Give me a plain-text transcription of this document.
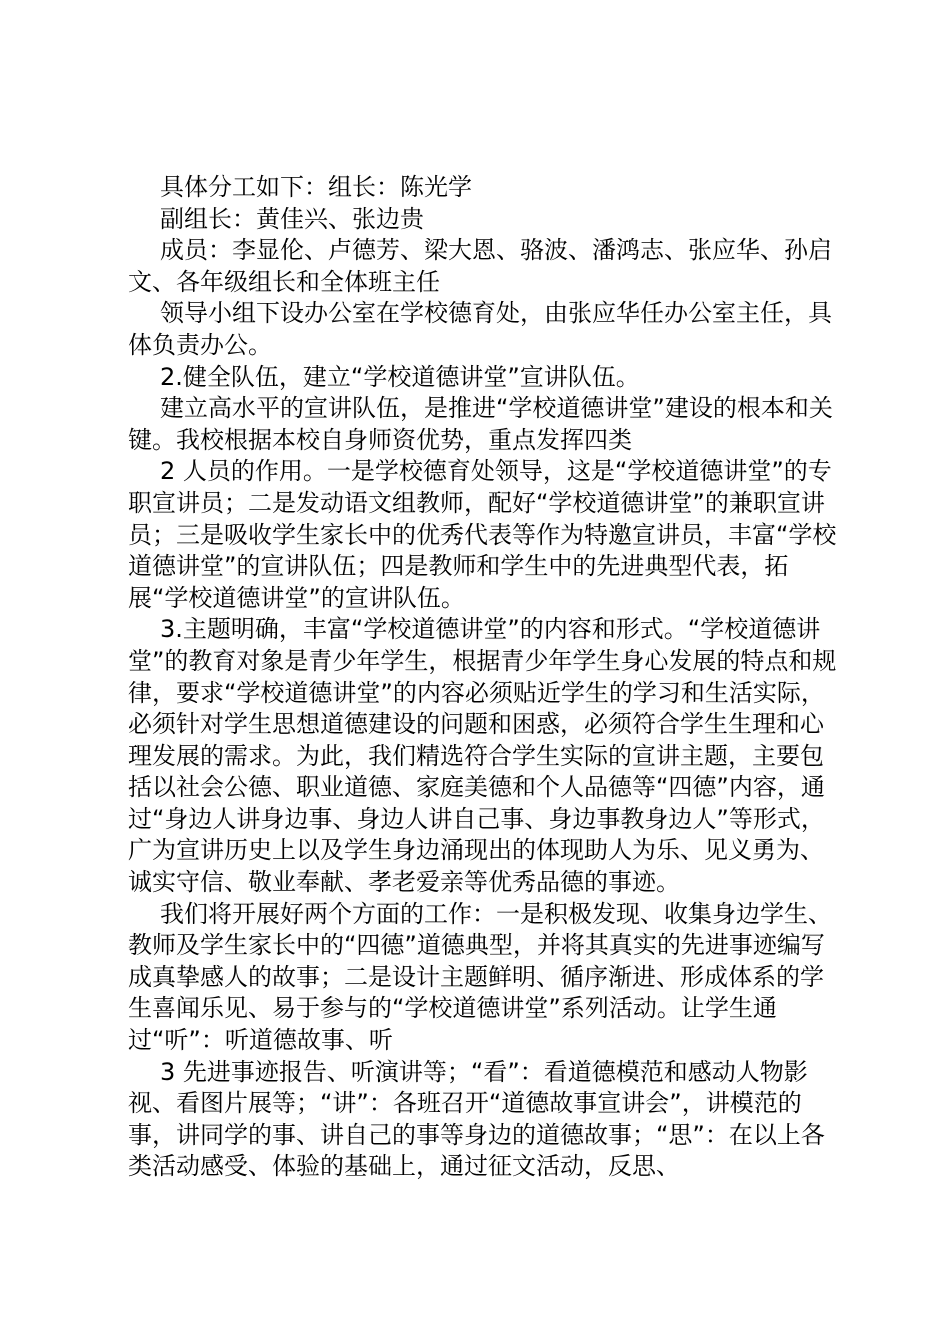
具体分工如下：组长：陈光学

副组长：黄佳兴、张边贵

成员：李显伦、卢德芳、梁大恩、骆波、潘鸿志、张应华、孙启文、各年级组长和全体班主任

领导小组下设办公室在学校德育处，由张应华任办公室主任，具体负责办公。

2.健全队伍，建立“学校道德讲堂”宣讲队伍。

建立高水平的宣讲队伍，是推进“学校道德讲堂”建设的根本和关键。我校根据本校自身师资优势，重点发挥四类

2 人员的作用。一是学校德育处领导，这是“学校道德讲堂”的专职宣讲员；二是发动语文组教师，配好“学校道德讲堂”的兼职宣讲员；三是吸收学生家长中的优秀代表等作为特邀宣讲员，丰富“学校道德讲堂”的宣讲队伍；四是教师和学生中的先进典型代表，拓展“学校道德讲堂”的宣讲队伍。

3.主题明确，丰富“学校道德讲堂”的内容和形式。“学校道德讲堂”的教育对象是青少年学生，根据青少年学生身心发展的特点和规律，要求“学校道德讲堂”的内容必须贴近学生的学习和生活实际，必须针对学生思想道德建设的问题和困惑，必须符合学生生理和心理发展的需求。为此，我们精选符合学生实际的宣讲主题，主要包括以社会公德、职业道德、家庭美德和个人品德等“四德”内容，通过“身边人讲身边事、身边人讲自己事、身边事教身边人”等形式，广为宣讲历史上以及学生身边涌现出的体现助人为乐、见义勇为、诚实守信、敬业奉献、孝老爱亲等优秀品德的事迹。

我们将开展好两个方面的工作：一是积极发现、收集身边学生、教师及学生家长中的“四德”道德典型，并将其真实的先进事迹编写成真挚感人的故事；二是设计主题鲜明、循序渐进、形成体系的学生喜闻乐见、易于参与的“学校道德讲堂”系列活动。让学生通过“听”：听道德故事、听

3 先进事迹报告、听演讲等；“看”：看道德模范和感动人物影视、看图片展等；“讲”：各班召开“道德故事宣讲会”，讲模范的事，讲同学的事、讲自己的事等身边的道德故事；“思”：在以上各类活动感受、体验的基础上，通过征文活动，反思、
